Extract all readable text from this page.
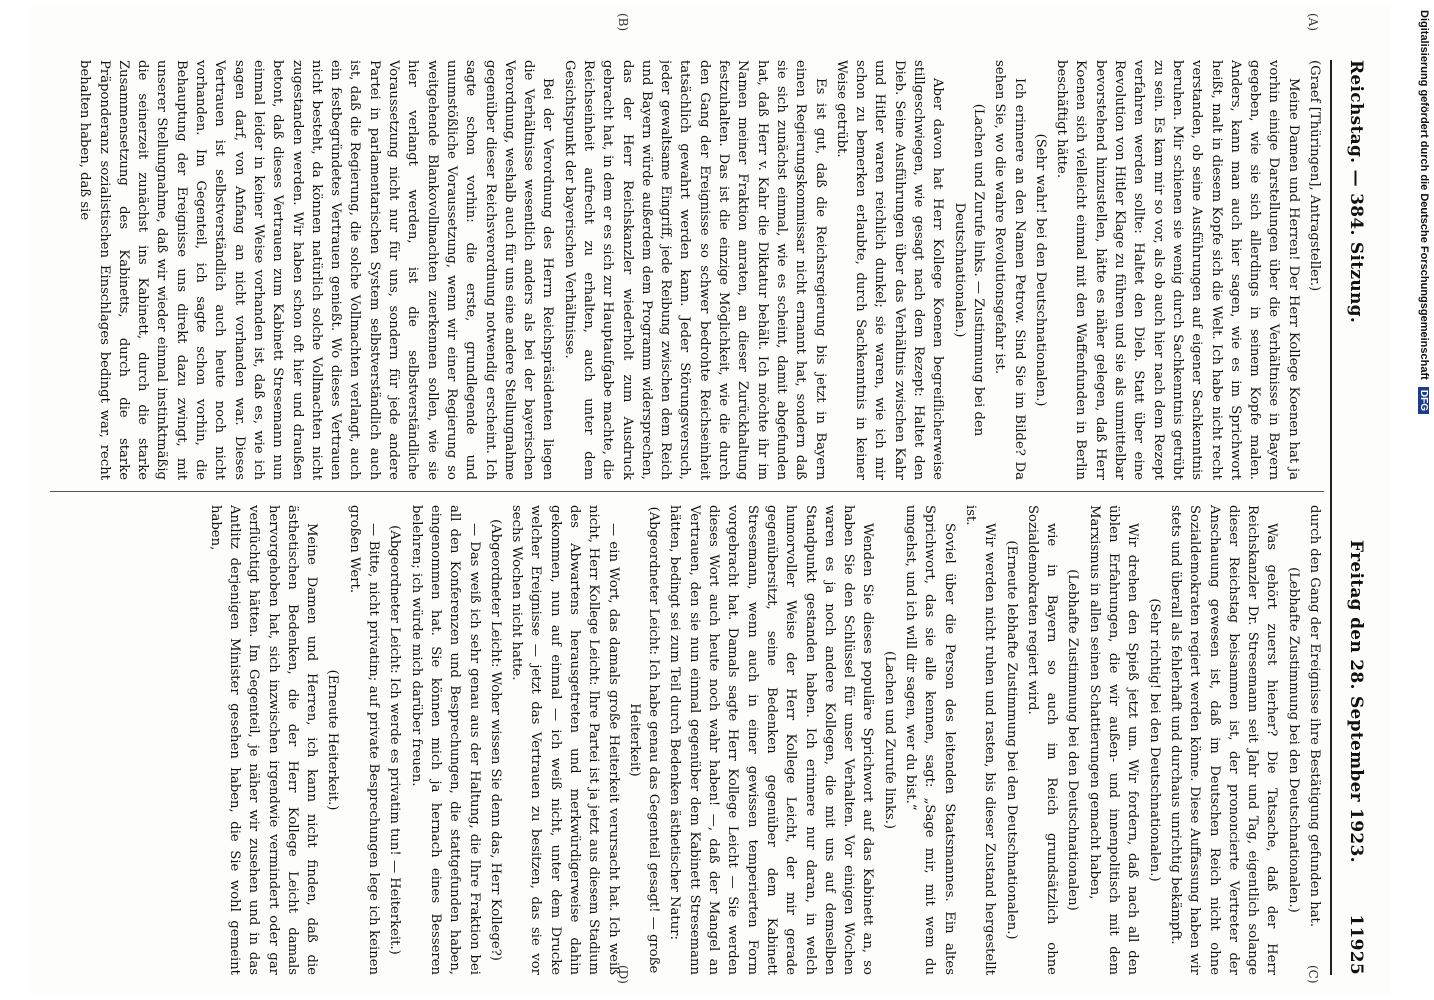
Reichstag. — 384. Sitzung.
Freitag den 28. September 1923.
11925
(A)
(B)
(C)
(D)

(Graef [Thüringen], Antragsteller.)

Meine Damen und Herren! Der Herr Kollege Koenen hat ja vorhin einige Darstellungen über die Verhältnisse in Bayern gegeben, wie sie sich allerdings in seinem Kopfe malen. Anders, kann man auch hier sagen, wie es im Sprichwort heißt, malt in diesem Kopfe sich die Welt. Ich habe nicht recht verstanden, ob seine Ausführungen auf eigener Sachkenntnis beruhen. Mir schienen sie wenig durch Sachkenntnis getrübt zu sein. Es kam mir so vor, als ob auch hier nach dem Rezept verfahren werden sollte: Haltet den Dieb. Statt über eine Revolution von Hitler Klage zu führen und sie als unmittelbar bevorstehend hinzustellen, hätte es näher gelegen, daß Herr Koenen sich vielleicht einmal mit den Waffenfunden in Berlin beschäftigt hätte.

(Sehr wahr! bei den Deutschnationalen.)

Ich erinnere an den Namen Petrow. Sind Sie im Bilde? Da sehen Sie, wo die wahre Revolutionsgefahr ist.

(Lachen und Zurufe links. — Zustimmung bei den Deutschnationalen.)

Aber davon hat Herr Kollege Koenen begreiflicherweise stillgeschwiegen, wie gesagt nach dem Rezept: Haltet den Dieb. Seine Ausführungen über das Verhältnis zwischen Kahr und Hitler waren reichlich dunkel; sie waren, wie ich mir schon zu bemerken erlaubte, durch Sachkenntnis in keiner Weise getrübt.

Es ist gut, daß die Reichsregierung bis jetzt in Bayern einen Regierungskommissar nicht ernannt hat, sondern daß sie sich zunächst einmal, wie es scheint, damit abgefunden hat, daß Herr v. Kahr die Diktatur behält. Ich möchte ihr im Namen meiner Fraktion anraten, an dieser Zurückhaltung festzuhalten. Das ist die einzige Möglichkeit, wie die durch den Gang der Ereignisse so schwer bedrohte Reichseinheit tatsächlich gewahrt werden kann. Jeder Störungsversuch, jeder gewaltsame Eingriff, jede Reibung zwischen dem Reich und Bayern würde außerdem dem Programm widersprechen, das der Herr Reichskanzler wiederholt zum Ausdruck gebracht hat, in dem er es sich zur Hauptaufgabe machte, die Reichseinheit aufrecht zu erhalten, auch unter dem Gesichtspunkt der bayerischen Verhältnisse.

Bei der Verordnung des Herrn Reichspräsidenten liegen die Verhältnisse wesentlich anders als bei der bayerischen Verordnung, weshalb auch für uns eine andere Stellungnahme gegenüber dieser Reichsverordnung notwendig erscheint. Ich sagte schon vorhin: die erste, grundlegende und unumstößliche Voraussetzung, wenn wir einer Regierung so weitgehende Blankovollmachten zuerkennen sollen, wie sie hier verlangt werden, ist die selbstverständliche Voraussetzung nicht nur für uns, sondern für jede andere Partei in parlamentarischen System selbstverständlich auch ist, daß die Regierung, die solche Vollmachten verlangt, auch ein festbegründetes Vertrauen genießt. Wo dieses Vertrauen nicht besteht, da können natürlich solche Vollmachten nicht zugestanden werden. Wir haben schon oft hier und draußen betont, daß dieses Vertrauen zum Kabinett Stresemann nun einmal leider in keiner Weise vorhanden ist, daß es, wie ich sagen darf, von Anfang an nicht vorhanden war. Dieses Vertrauen ist selbstverständlich auch heute noch nicht vorhanden. Im Gegenteil, ich sagte schon vorhin, die Behauptung der Ereignisse uns direkt dazu zwingt, mit unserer Stellungnahme, daß wir wieder einmal instinktmäßig die seinerzeit zunächst ins Kabinett, durch die starke Zusammensetzung des Kabinetts, durch die starke Präponderanz sozialistischen Einschlages bedingt war, recht behalten haben, daß sie

durch den Gang der Ereignisse ihre Bestätigung gefunden hat.

(Lebhafte Zustimmung bei den Deutschnationalen.)

Was gehört zuerst hierher? Die Tatsache, daß der Herr Reichskanzler Dr. Stresemann seit Jahr und Tag, eigentlich solange dieser Reichstag beisammen ist, der prononcierte Vertreter der Anschauung gewesen ist, daß im Deutschen Reich nicht ohne Sozialdemokraten regiert werden könne. Diese Auffassung haben wir stets und überall als fehlerhaft und durchaus unrichtig bekämpft.

(Sehr richtig! bei den Deutschnationalen.)

Wir drehen den Spieß jetzt um. Wir fordern, daß nach all den üblen Erfahrungen, die wir außen- und innenpolitisch mit dem Marxismus in allen seinen Schattierungen gemacht haben,

(Lebhafte Zustimmung bei den Deutschnationalen)

wie in Bayern so auch im Reich grundsätzlich ohne Sozialdemokraten regiert wird.

(Erneute lebhafte Zustimmung bei den Deutschnationalen.)

Wir werden nicht ruhen und rasten, bis dieser Zustand hergestellt ist.

Soviel über die Person des leitenden Staatsmannes. Ein altes Sprichwort, das sie alle kennen, sagt: „Sage mir, mit wem du umgehst, und ich will dir sagen, wer du bist.“

(Lachen und Zurufe links.)

Wenden Sie dieses populäre Sprichwort auf das Kabinett an, so haben Sie den Schlüssel für unser Verhalten. Vor einigen Wochen waren es ja noch andere Kollegen, die mit uns auf demselben Standpunkt gestanden haben. Ich erinnere nur daran, in welch humorvoller Weise der Herr Kollege Leicht, der mir gerade gegenübersitzt, seine Bedenken gegenüber dem Kabinett Stresemann, wenn auch in einer gewissen temperierten Form vorgebracht hat. Damals sagte Herr Kollege Leicht — Sie werden dieses Wort auch heute noch wahr haben! —, daß der Mangel an Vertrauen, den sie nun einmal gegenüber dem Kabinett Stresemann hätten, bedingt sei zum Teil durch Bedenken ästhetischer Natur:

(Abgeordneter Leicht: Ich habe genau das Gegenteil gesagt! — große Heiterkeit)

— ein Wort, das damals große Heiterkeit verursacht hat. Ich weiß nicht, Herr Kollege Leicht: Ihre Partei ist ja jetzt aus diesem Stadium des Abwartens herausgetreten und merkwürdigerweise dahin gekommen, nun auf einmal — ich weiß nicht, unter dem Drucke welcher Ereignisse — jetzt das Vertrauen zu besitzen, das sie vor sechs Wochen nicht hatte.

(Abgeordneter Leicht: Woher wissen Sie denn das, Herr Kollege?)

— Das weiß ich sehr genau aus der Haltung, die Ihre Fraktion bei all den Konferenzen und Besprechungen, die stattgefunden haben, eingenommen hat. Sie können mich ja hernach eines Besseren belehren; ich würde mich darüber freuen.

(Abgeordneter Leicht: Ich werde es privatim tun! — Heiterkeit.)

— Bitte, nicht privatim; auf private Besprechungen lege ich keinen großen Wert.

(Erneute Heiterkeit.)

Meine Damen und Herren, ich kann nicht finden, daß die ästhetischen Bedenken, die der Herr Kollege Leicht damals hervorgehoben hat, sich inzwischen irgendwie vermindert oder gar verflüchtigt hätten. Im Gegenteil, je näher wir zusehen und in das Antlitz derjenigen Minister gesehen haben, die Sie wohl gemeint haben,

Digitalisierung gefördert durch die Deutsche Forschungsgemeinschaft DFG
